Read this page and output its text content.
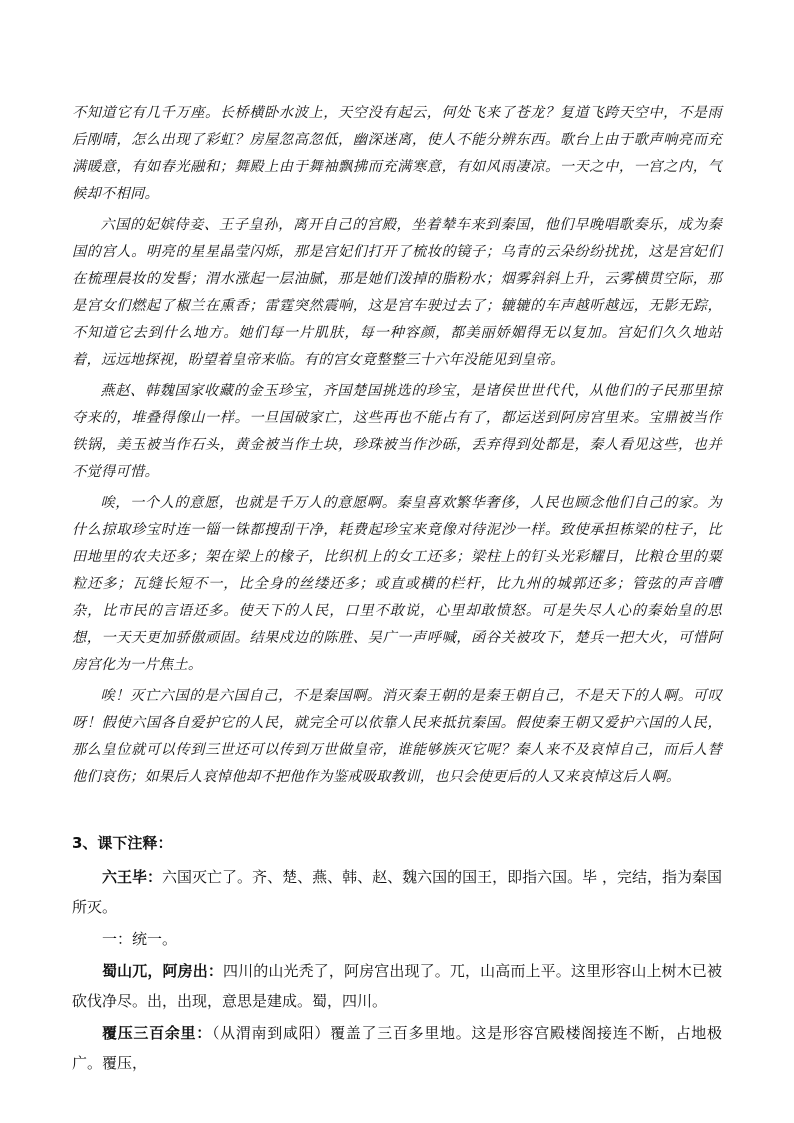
不知道它有几千万座。长桥横卧水波上，天空没有起云，何处飞来了苍龙？复道飞跨天空中，不是雨后刚晴，怎么出现了彩虹？房屋忽高忽低，幽深迷离，使人不能分辨东西。歌台上由于歌声响亮而充满暖意，有如春光融和；舞殿上由于舞袖飘拂而充满寒意，有如风雨凄凉。一天之中，一宫之内，气候却不相同。

六国的妃嫔侍妾、王子皇孙，离开自己的宫殿，坐着辇车来到秦国，他们早晚唱歌奏乐，成为秦国的宫人。明亮的星星晶莹闪烁，那是宫妃们打开了梳妆的镜子；乌青的云朵纷纷扰扰，这是宫妃们在梳理晨妆的发髻；渭水涨起一层油腻，那是她们泼掉的脂粉水；烟雾斜斜上升，云雾横贯空际，那是宫女们燃起了椒兰在熏香；雷霆突然震响，这是宫车驶过去了；辘辘的车声越听越远，无影无踪，不知道它去到什么地方。她们每一片肌肤，每一种容颜，都美丽娇媚得无以复加。宫妃们久久地站着，远远地探视，盼望着皇帝来临。有的宫女竟整整三十六年没能见到皇帝。

燕赵、韩魏国家收藏的金玉珍宝，齐国楚国挑选的珍宝，是诸侯世世代代，从他们的子民那里掠夺来的，堆叠得像山一样。一旦国破家亡，这些再也不能占有了，都运送到阿房宫里来。宝鼎被当作铁锅，美玉被当作石头，黄金被当作土块，珍珠被当作沙砾，丢弃得到处都是，秦人看见这些，也并不觉得可惜。

唉，一个人的意愿，也就是千万人的意愿啊。秦皇喜欢繁华奢侈，人民也顾念他们自己的家。为什么掠取珍宝时连一锱一铢都搜刮干净，耗费起珍宝来竟像对待泥沙一样。致使承担栋梁的柱子，比田地里的农夫还多；架在梁上的椽子，比织机上的女工还多；梁柱上的钉头光彩耀目，比粮仓里的粟粒还多；瓦缝长短不一，比全身的丝缕还多；或直或横的栏杆，比九州的城郭还多；管弦的声音嘈杂，比市民的言语还多。使天下的人民，口里不敢说，心里却敢愤怒。可是失尽人心的秦始皇的思想，一天天更加骄傲顽固。结果戍边的陈胜、吴广一声呼喊，函谷关被攻下，楚兵一把大火，可惜阿房宫化为一片焦土。

唉！灭亡六国的是六国自己，不是秦国啊。消灭秦王朝的是秦王朝自己，不是天下的人啊。可叹呀！假使六国各自爱护它的人民，就完全可以依靠人民来抵抗秦国。假使秦王朝又爱护六国的人民，那么皇位就可以传到三世还可以传到万世做皇帝，谁能够族灭它呢？秦人来不及哀悼自己，而后人替他们哀伤；如果后人哀悼他却不把他作为鉴戒吸取教训，也只会使更后的人又来哀悼这后人啊。

3、课下注释：

六王毕：六国灭亡了。齐、楚、燕、韩、赵、魏六国的国王，即指六国。毕 ，完结，指为秦国所灭。

一：统一。

蜀山兀，阿房出：四川的山光秃了，阿房宫出现了。兀，山高而上平。这里形容山上树木已被砍伐净尽。出，出现，意思是建成。蜀，四川。

覆压三百余里：（从渭南到咸阳）覆盖了三百多里地。这是形容宫殿楼阁接连不断，占地极广。覆压，
